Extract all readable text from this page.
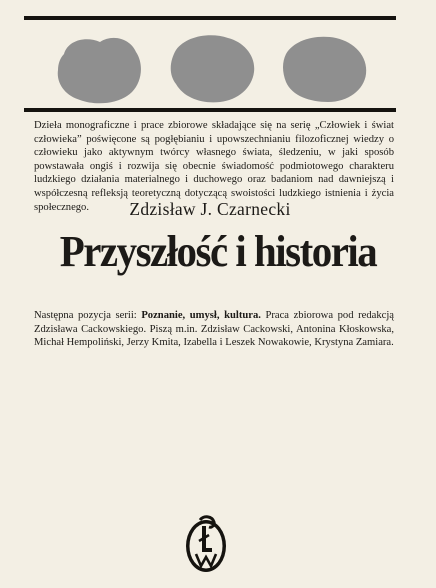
Dzieła monograficzne i prace zbiorowe składające się na serię „Człowiek i świat człowieka” poświęcone są pogłębianiu i upowszechnianiu filozoficznej wiedzy o człowieku jako aktywnym twórcy własnego świata, śledzeniu, w jaki sposób powstawała ongiś i rozwija się obecnie świadomość podmiotowego charakteru ludzkiego działania materialnego i duchowego oraz badaniom nad dawniejszą i współczesną refleksją teoretyczną dotyczącą swoistości ludzkiego istnienia i życia społecznego.	Zdzisław J. Czarnecki
Przyszłość i historia

Następna pozycja serii: Poznanie, umysł, kultura. Praca zbiorowa pod redakcją Zdzisława Cackowskiego. Piszą m.in. Zdzisław Cackowski, Antonina Kłoskowska, Michał Hempoliński, Jerzy Kmita, Izabella i Leszek Nowakowie, Krystyna Zamiara.

ŁW
